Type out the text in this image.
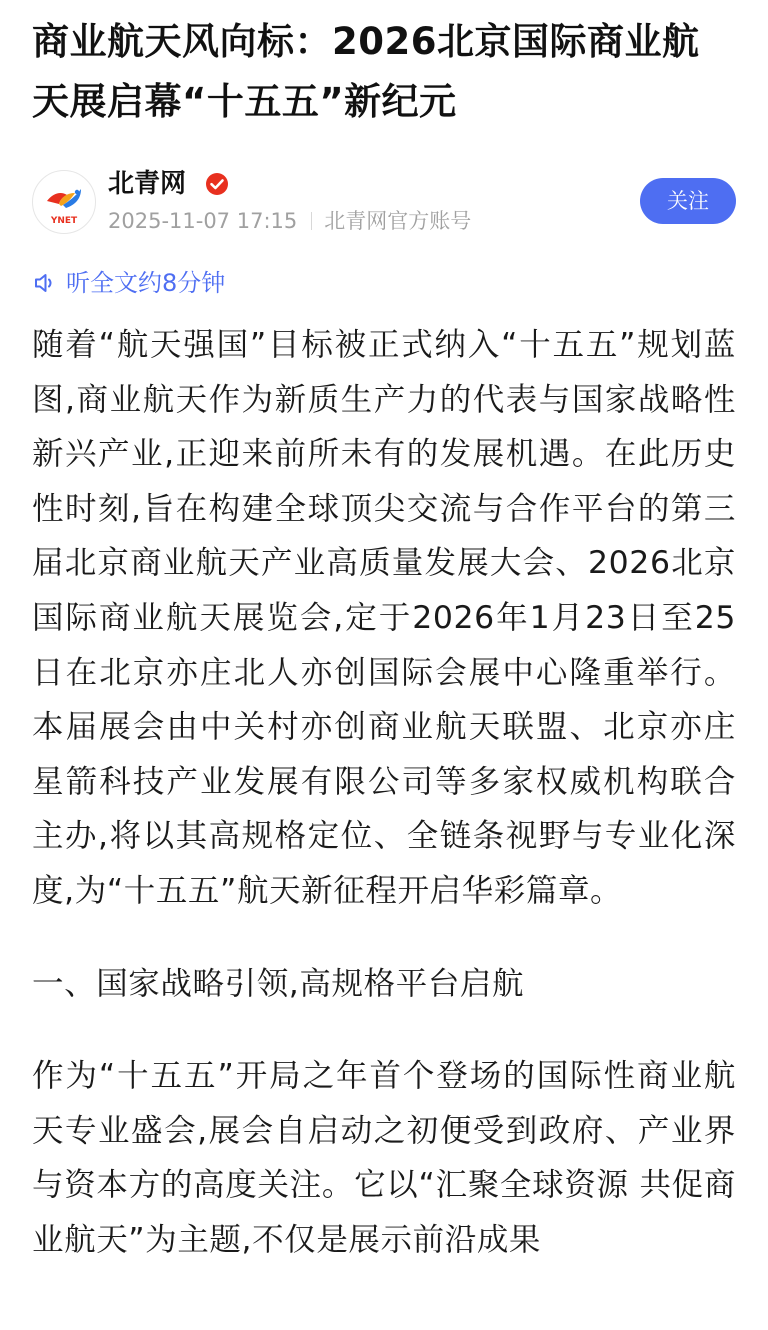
商业航天风向标：2026北京国际商业航天展启幕“十五五”新纪元
YNET
北青网
2025-11-07 17:15 北青网官方账号
关注
听全文约8分钟

随着“航天强国”目标被正式纳入“十五五”规划蓝图,商业航天作为新质生产力的代表与国家战略性新兴产业,正迎来前所未有的发展机遇。在此历史性时刻,旨在构建全球顶尖交流与合作平台的第三届北京商业航天产业高质量发展大会、2026北京国际商业航天展览会,定于2026年1月23日至25日在北京亦庄北人亦创国际会展中心隆重举行。本届展会由中关村亦创商业航天联盟、北京亦庄星箭科技产业发展有限公司等多家权威机构联合主办,将以其高规格定位、全链条视野与专业化深度,为“十五五”航天新征程开启华彩篇章。

一、国家战略引领,高规格平台启航

作为“十五五”开局之年首个登场的国际性商业航天专业盛会,展会自启动之初便受到政府、产业界与资本方的高度关注。它以“汇聚全球资源 共促商业航天”为主题,不仅是展示前沿成果
